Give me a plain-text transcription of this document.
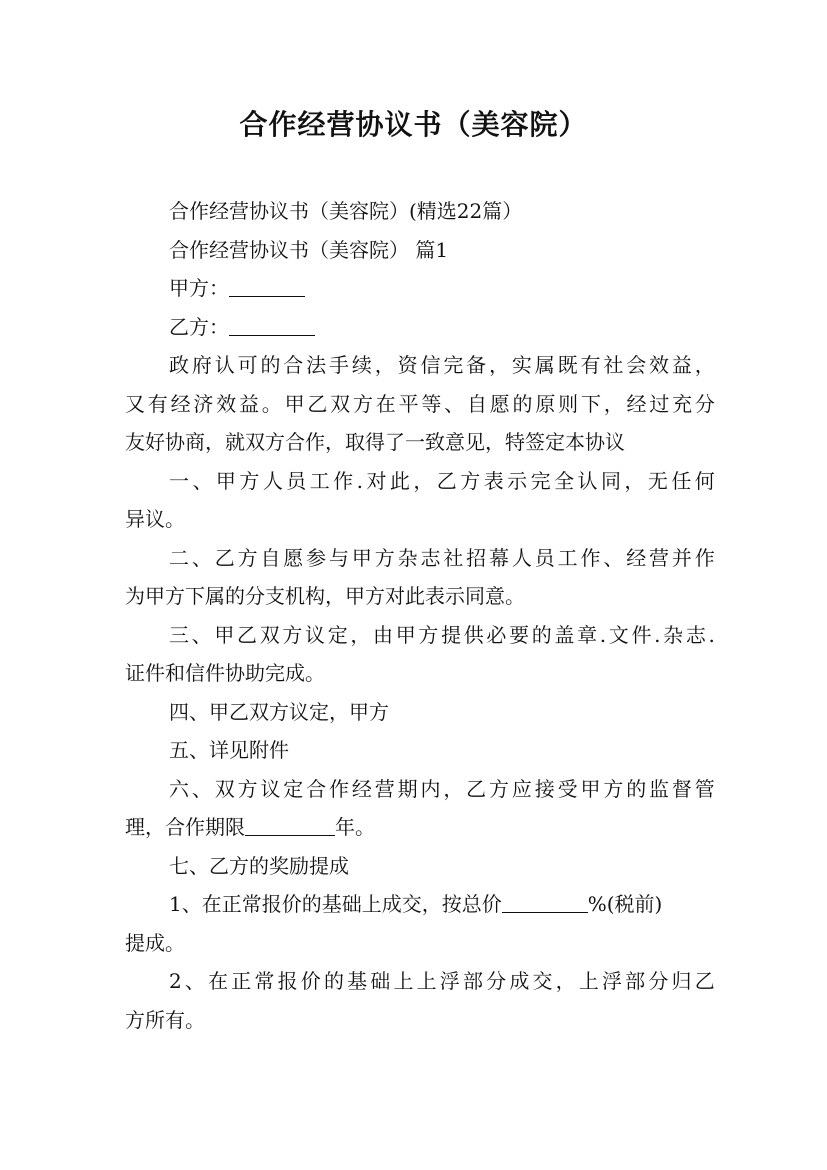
合作经营协议书（美容院）
合作经营协议书（美容院）(精选22篇）
合作经营协议书（美容院） 篇1
甲方：
乙方：
政 府 认 可 的 合 法 手 续 ， 资 信 完 备 ， 实 属 既 有 社 会 效 益 ，
又 有 经 济 效 益 。 甲 乙 双 方 在 平 等 、 自 愿 的 原 则 下 ， 经 过 充 分
友好协商，就双方合作，取得了一致意见，特签定本协议
一 、 甲 方 人 员 工 作 . 对 此 ， 乙 方 表 示 完 全 认 同 ， 无 任 何
异议。
二 、 乙 方 自 愿 参 与 甲 方 杂 志 社 招 幕 人 员 工 作 、 经 营 并 作
为甲方下属的分支机构，甲方对此表示同意。
三 、 甲 乙 双 方 议 定 ， 由 甲 方 提 供 必 要 的 盖 章 . 文 件 . 杂 志 .
证件和信件协助完成。
四、甲乙双方议定，甲方
五、详见附件
六 、 双 方 议 定 合 作 经 营 期 内 ， 乙 方 应 接 受 甲 方 的 监 督 管
理，合作期限	年。
七、乙方的奖励提成
1、在正常报价的基础上成交，按总价	%(税前)
提成。
2 、 在 正 常 报 价 的 基 础 上 上 浮 部 分 成 交 ， 上 浮 部 分 归 乙
方所有。
